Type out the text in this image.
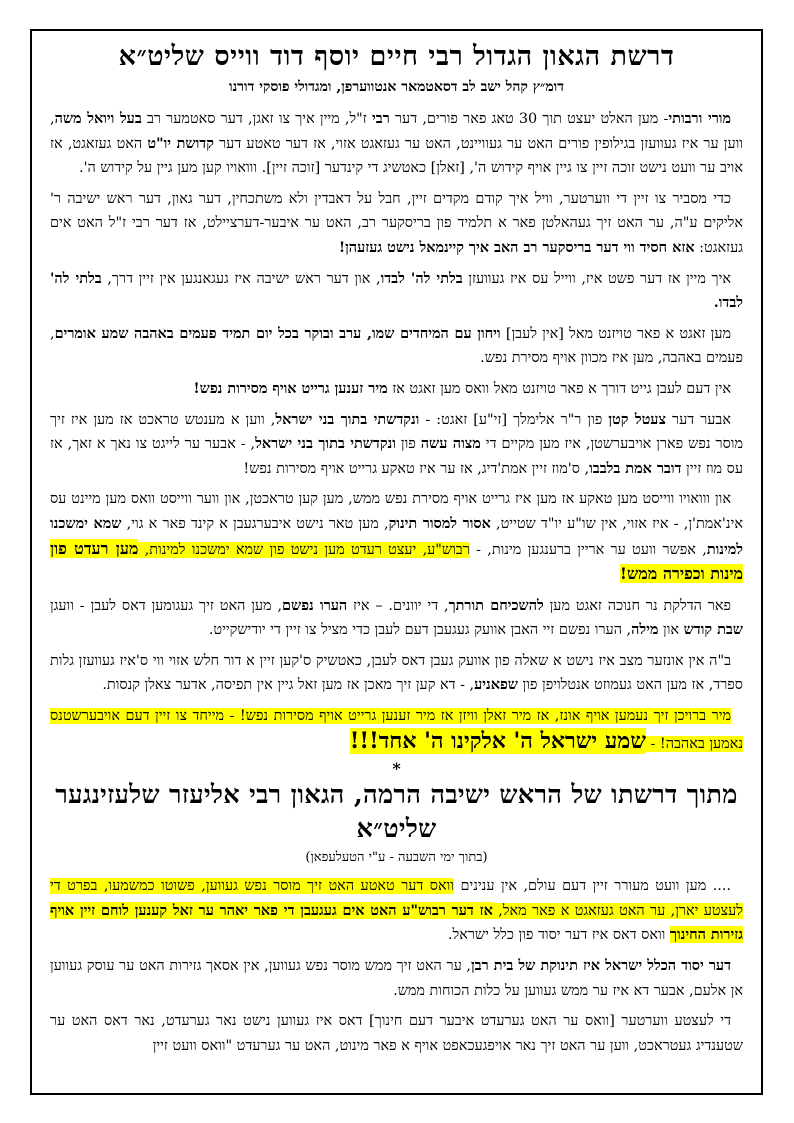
דרשת הגאון הגדול רבי חיים יוסף דוד ווייס שליט״א
דומ״ץ קהל ישב לב דסאטמאר אנטווערפן, ומגדולי פוסקי דורנו

מורי ורבותי- מען האלט יעצט תוך 30 טאג פאר פורים, דער רבי ז"ל, מיין איך צו זאגן, דער סאטמער רב בעל ויואל משה, ווען ער איז געוועזן בגילופין פורים האט ער געוויינט, האט ער געזאגט אזוי, אז דער טאטע דער קדושת יו"ט האט געזאגט, אז אויב ער וועט נישט זוכה זיין צו גיין אויף קידוש ה', [זאלן] כאטשיג די קינדער [זוכה זיין]. ווואויו קען מען גיין על קידוש ה'.

כדי מסביר צו זיין די ווערטער, וויל איך קודם מקדים זיין, חבל על דאבדין ולא משתכחין, דער גאון, דער ראש ישיבה ר' אליקים ע"ה, ער האט זיך געהאלטן פאר א תלמיד פון בריסקער רב, האט ער איבער-דערציילט, אז דער רבי ז"ל האט אים געזאגט: אזא חסיד ווי דער בריסקער רב האב איך קיינמאל נישט געזעהן!

איך מיין אז דער פשט איז, ווייל עס איז געוועזן בלתי לה' לבדו, און דער ראש ישיבה איז געגאנגען אין זיין דרך, בלתי לה' לבדו.

מען זאגט א פאר טויזנט מאל [אין לעבן] ויחון עם המיחדים שמו, ערב ובוקר בכל יום תמיד פעמים באהבה שמע אומרים, פעמים באהבה, מען איז מכוון אויף מסירת נפש.

אין דעם לעבן גייט דורך א פאר טויזנט מאל וואס מען זאגט אז מיר זענען גרייט אויף מסירות נפש!

אבער דער צעטל קטן פון ר"ר אלימלך [זי"ע] זאגט: - ונקדשתי בתוך בני ישראל, ווען א מענטש טראכט אז מען איז זיך מוסר נפש פארן אויבערשטן, איז מען מקיים די מצוה עשה פון ונקדשתי בתוך בני ישראל, - אבער ער לייגט צו נאך א זאך, אז עס מוז זיין דובר אמת בלבבו, ס'מוז זיין אמת'דיג, אז ער איז טאקע גרייט אויף מסירות נפש!

און ווואויו ווייסט מען טאקע אז מען איז גרייט אויף מסירת נפש ממש, מען קען טראכטן, און ווער ווייסט וואס מען מיינט עס אינ'אמת'ן, - איז אזוי, אין שו"ע יו"ד שטייט, אסור למסור תינוק, מען טאר נישט איבערגעבן א קינד פאר א גוי, שמא ימשכנו למינות, אפשר וועט ער אריין ברענגען מינות, - רבוש"ע, יעצט רעדט מען נישט פון שמא ימשכנו למינות, מען רעדט פון מינות וכפירה ממש!

פאר הדלקת נר חנוכה זאגט מען להשכיחם תורתך, די יוונים. – איז הערו נפשם, מען האט זיך געגומען דאס לעבן - וועגן שבת קודש און מילה, הערו נפשם זיי האבן אוועק געגעבן דעם לעבן כדי מציל צו זיין די יודישקייט.

ב"ה אין אונזער מצב איז נישט א שאלה פון אוועק געבן דאס לעבן, כאטשיק ס'קען זיין א דור חלש אזוי ווי ס'איז געוועזן גלות ספרד, אז מען האט געמוזט אנטלויפן פון שפאניע, - דא קען זיך מאכן אז מען זאל גיין אין תפיסה, אדער צאלן קנסות.

מיר ברויכן זיך נעמען אויף אונז, אז מיר זאלן וויזן אז מיר זענען גרייט אויף מסירות נפש! - מייחד צו זיין דעם אויבערשטנס נאמען באהבה! - שמע ישראל ה' אלקינו ה' אחד!!!

*
מתוך דרשתו של הראש ישיבה הרמה, הגאון רבי אליעזר שלעזינגער שליט״א
(בתוך ימי השבעה - ע"י הטעלעפאן)

.... מען וועט מעורר זיין דעם עולם, אין ענינים וואס דער טאטע האט זיך מוסר נפש געווען, פשוטו כמשמעו, בפרט די לעצטע יארן, ער האט געזאגט א פאר מאל, אז דער רבוש"ע האט אים געגעבן די פאר יאהר ער זאל קענען לוחם זיין אויף גזירות החינוך וואס דאס איז דער יסוד פון כלל ישראל.

דער יסוד הכלל ישראל איז תינוקת של בית רבן, ער האט זיך ממש מוסר נפש געווען, אין אסאך גזירות האט ער עוסק געווען אן אלעם, אבער דא איז ער ממש געווען על כלות הכוחות ממש.

די לעצטע ווערטער [וואס ער האט גערעדט איבער דעם חינוך] דאס איז געווען נישט נאר גערעדט, נאר דאס האט ער שטענדיג געטראכט, ווען ער האט זיך נאר אויפגעכאפט אויף א פאר מינוט, האט ער גערעדט "וואס וועט זיין
